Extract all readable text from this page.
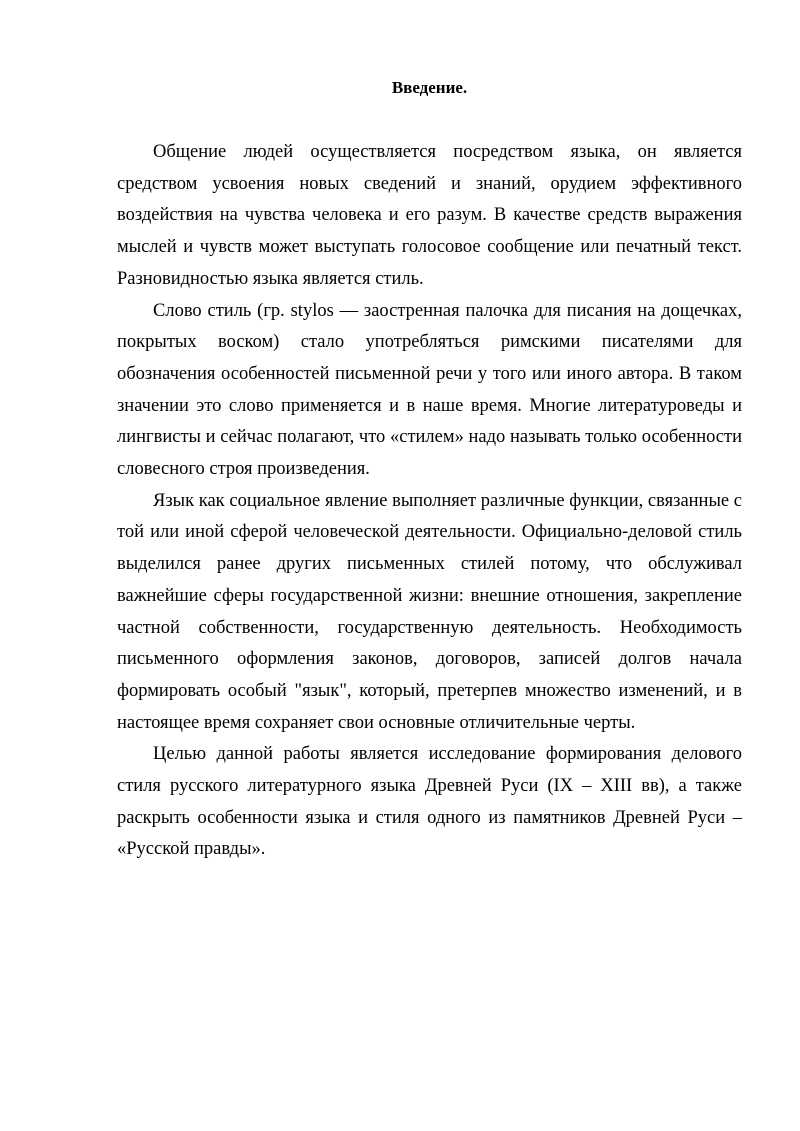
Введение.

Общение людей осуществляется посредством языка, он является средством усвоения новых сведений и знаний, орудием эффективного воздействия на чувства человека и его разум. В качестве средств выражения мыслей и чувств может выступать голосовое сообщение или печатный текст. Разновидностью языка является стиль.

Слово стиль (гр. stylos — заостренная палочка для писания на дощечках, покрытых воском) стало употребляться римскими писателями для обозначения особенностей письменной речи у того или иного автора. В таком значении это слово применяется и в наше время. Многие литературоведы и лингвисты и сейчас полагают, что «стилем» надо называть только особенности словесного строя произведения.

Язык как социальное явление выполняет различные функции, связанные с той или иной сферой человеческой деятельности. Официально-деловой стиль выделился ранее других письменных стилей потому, что обслуживал важнейшие сферы государственной жизни: внешние отношения, закрепление частной собственности, государственную деятельность. Необходимость письменного оформления законов, договоров, записей долгов начала формировать особый "язык", который, претерпев множество изменений, и в настоящее время сохраняет свои основные отличительные черты.

Целью данной работы является исследование формирования делового стиля русского литературного языка Древней Руси (IX – XIII вв), а также раскрыть особенности языка и стиля одного из памятников Древней Руси – «Русской правды».
